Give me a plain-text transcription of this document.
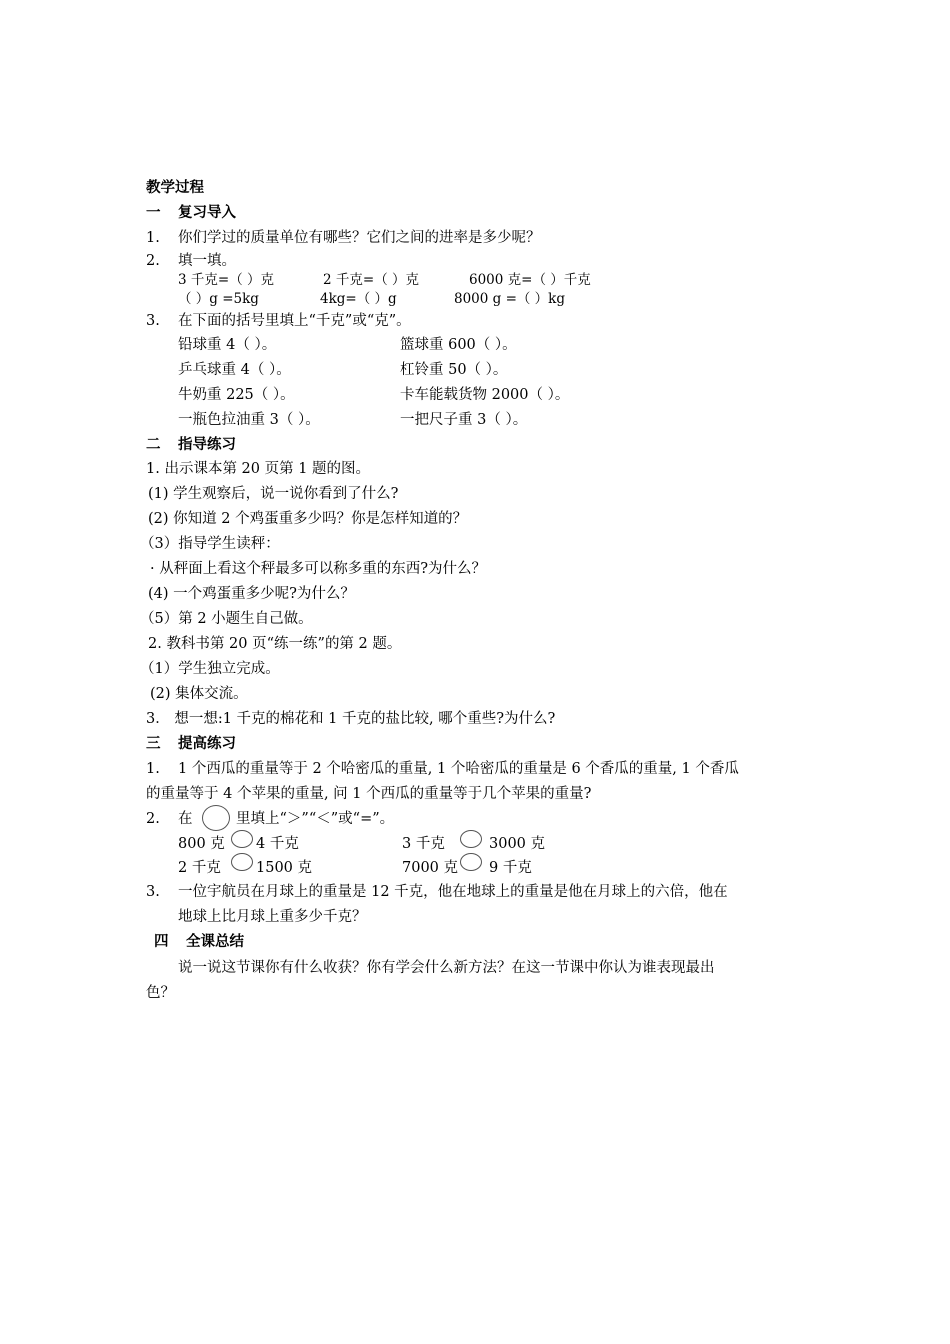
教学过程
一 复习导入
1. 你们学过的质量单位有哪些？它们之间的进率是多少呢？
2. 填一填。
3 千克=（ ）克	2 千克=（ ）克	6000 克=（ ）千克
（ ）g =5kg	4kg=（ ）g	8000 g =（ ）kg
3. 在下面的括号里填上“千克”或“克”。
铅球重 4（ ）。	篮球重 600（ ）。
乒乓球重 4（ ）。	杠铃重 50（ ）。
牛奶重 225（ ）。	卡车能载货物 2000（ ）。
一瓶色拉油重 3（ ）。	一把尺子重 3（ ）。
二 指导练习
1. 出示课本第 20 页第 1 题的图。
(1) 学生观察后，说一说你看到了什么?
(2) 你知道 2 个鸡蛋重多少吗？你是怎样知道的？
（3）指导学生读秤：
· 从秤面上看这个秤最多可以称多重的东西?为什么？
(4) 一个鸡蛋重多少呢?为什么？
（5）第 2 小题生自己做。
2. 教科书第 20 页“练一练”的第 2 题。
（1）学生独立完成。
(2) 集体交流。
3． 想一想:1 千克的棉花和 1 千克的盐比较, 哪个重些?为什么?
三 提高练习
1. 1 个西瓜的重量等于 2 个哈密瓜的重量, 1 个哈密瓜的重量是 6 个香瓜的重量, 1 个香瓜
的重量等于 4 个苹果的重量, 问 1 个西瓜的重量等于几个苹果的重量?
2. 在	里填上“＞”“＜”或“=”。
800 克 4 千克	3 千克	3000 克
2 千克 1500 克	7000 克 9 千克
3. 一位宇航员在月球上的重量是 12 千克，他在地球上的重量是他在月球上的六倍，他在
地球上比月球上重多少千克？
四 全课总结
说一说这节课你有什么收获？你有学会什么新方法？在这一节课中你认为谁表现最出
色？
